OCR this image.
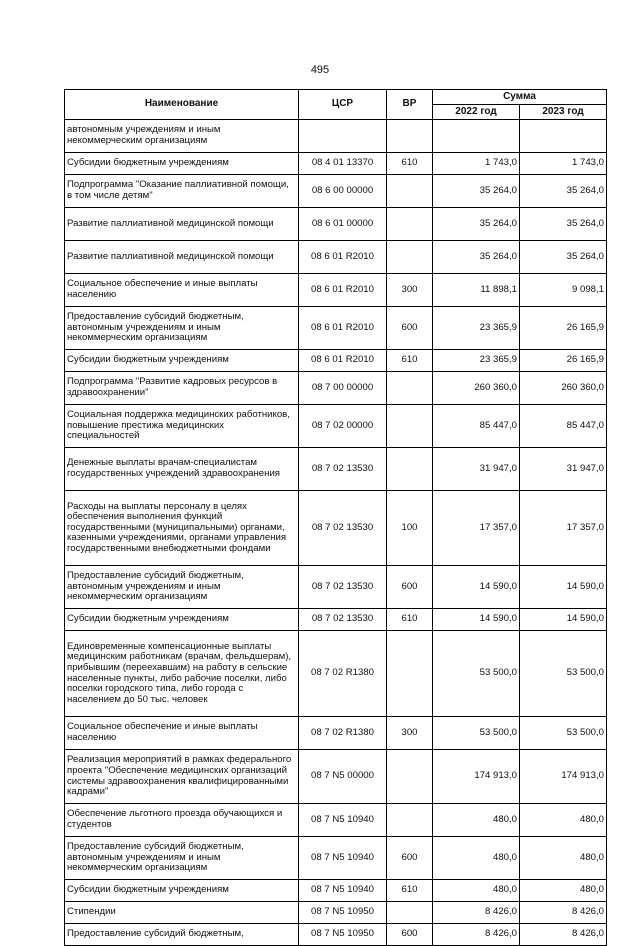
495
Наименование	ЦСР	ВР	Сумма	
			2022 год	2023 год
автономным учреждениям и иным некоммерческим организациям				
Субсидии бюджетным учреждениям	08 4 01 13370	610	1 743,0	1 743,0
Подпрограмма "Оказание паллиативной помощи, в том числе детям"	08 6 00 00000		35 264,0	35 264,0
Развитие паллиативной медицинской помощи	08 6 01 00000		35 264,0	35 264,0
Развитие паллиативной медицинской помощи	08 6 01 R2010		35 264,0	35 264,0
Социальное обеспечение и иные выплаты населению	08 6 01 R2010	300	11 898,1	9 098,1
Предоставление субсидий бюджетным, автономным учреждениям и иным некоммерческим организациям	08 6 01 R2010	600	23 365,9	26 165,9
Субсидии бюджетным учреждениям	08 6 01 R2010	610	23 365,9	26 165,9
Подпрограмма "Развитие кадровых ресурсов в здравоохранении"	08 7 00 00000		260 360,0	260 360,0
Социальная поддержка медицинских работников, повышение престижа медицинских специальностей	08 7 02 00000		85 447,0	85 447,0
Денежные выплаты врачам-специалистам государственных учреждений здравоохранения	08 7 02 13530		31 947,0	31 947,0
Расходы на выплаты персоналу в целях обеспечения выполнения функций государственными (муниципальными) органами, казенными учреждениями, органами управления государственными внебюджетными фондами	08 7 02 13530	100	17 357,0	17 357,0
Предоставление субсидий бюджетным, автономным учреждениям и иным некоммерческим организациям	08 7 02 13530	600	14 590,0	14 590,0
Субсидии бюджетным учреждениям	08 7 02 13530	610	14 590,0	14 590,0
Единовременные компенсационные выплаты медицинским работникам (врачам, фельдшерам), прибывшим (переехавшим) на работу в сельские населенные пункты, либо рабочие поселки, либо поселки городского типа, либо города с населением до 50 тыс. человек	08 7 02 R1380		53 500,0	53 500,0
Социальное обеспечение и иные выплаты населению	08 7 02 R1380	300	53 500,0	53 500,0
Реализация мероприятий в рамках федерального проекта "Обеспечение медицинских организаций системы здравоохранения квалифицированными кадрами"	08 7 N5 00000		174 913,0	174 913,0
Обеспечение льготного проезда обучающихся и студентов	08 7 N5 10940		480,0	480,0
Предоставление субсидий бюджетным, автономным учреждениям и иным некоммерческим организациям	08 7 N5 10940	600	480,0	480,0
Субсидии бюджетным учреждениям	08 7 N5 10940	610	480,0	480,0
Стипендии	08 7 N5 10950		8 426,0	8 426,0
Предоставление субсидий бюджетным,	08 7 N5 10950	600	8 426,0	8 426,0
